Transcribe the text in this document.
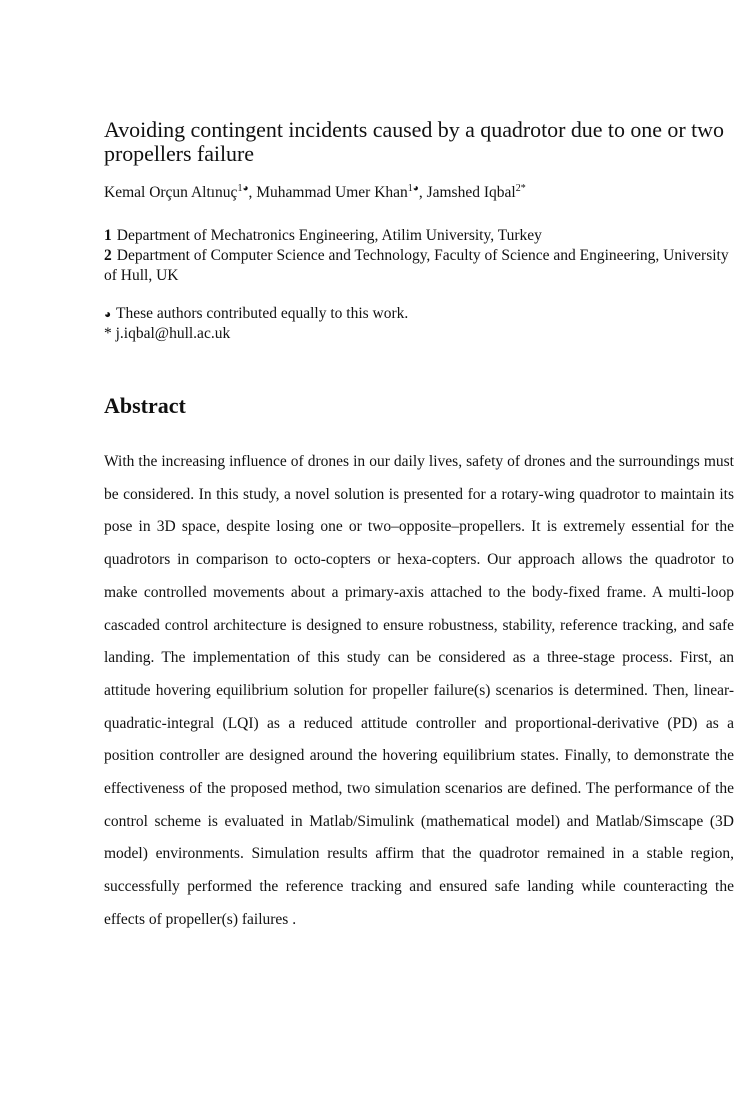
Avoiding contingent incidents caused by a quadrotor due to one or two propellers failure
Kemal Orçun Altınuç$^{1◕}$, Muhammad Umer Khan$^{1◕}$, Jamshed Iqbal$^{2*}$

1 Department of Mechatronics Engineering, Atilim University, Turkey

2 Department of Computer Science and Technology, Faculty of Science and Engineering, University of Hull, UK

◕ These authors contributed equally to this work.

* j.iqbal@hull.ac.uk

Abstract

With the increasing influence of drones in our daily lives, safety of drones and the surroundings must be considered. In this study, a novel solution is presented for a rotary-wing quadrotor to maintain its pose in 3D space, despite losing one or two–opposite–propellers. It is extremely essential for the quadrotors in comparison to octo-copters or hexa-copters. Our approach allows the quadrotor to make controlled movements about a primary-axis attached to the body-fixed frame. A multi-loop cascaded control architecture is designed to ensure robustness, stability, reference tracking, and safe landing. The implementation of this study can be considered as a three-stage process. First, an attitude hovering equilibrium solution for propeller failure(s) scenarios is determined. Then, linear-quadratic-integral (LQI) as a reduced attitude controller and proportional-derivative (PD) as a position controller are designed around the hovering equilibrium states. Finally, to demonstrate the effectiveness of the proposed method, two simulation scenarios are defined. The performance of the control scheme is evaluated in Matlab/Simulink (mathematical model) and Matlab/Simscape (3D model) environments. Simulation results affirm that the quadrotor remained in a stable region, successfully performed the reference tracking and ensured safe landing while counteracting the effects of propeller(s) failures .
